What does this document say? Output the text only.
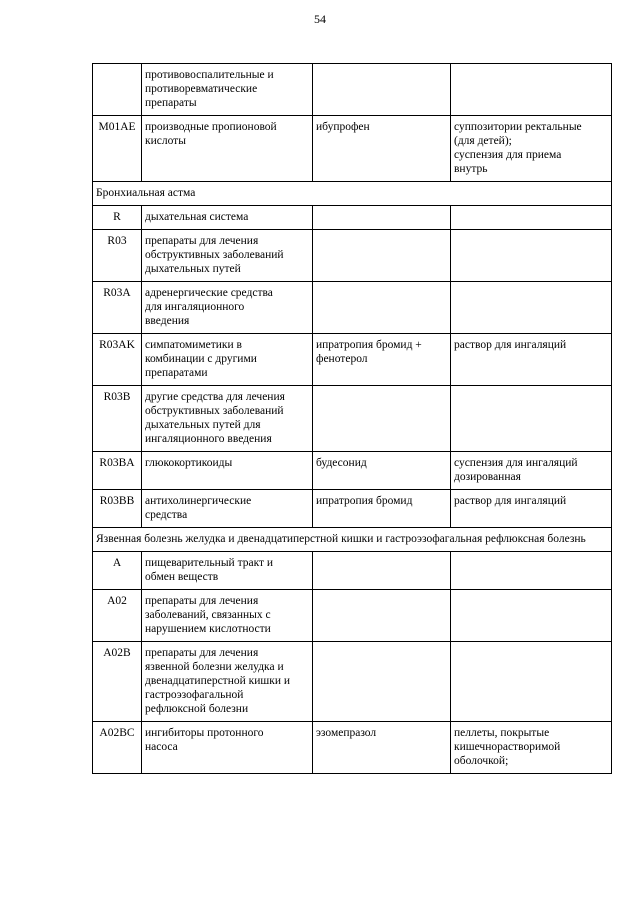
54
	противовоспалительные и
противоревматические
препараты		
M01AE	производные пропионовой
кислоты	ибупрофен	суппозитории ректальные
(для детей);
суспензия для приема
внутрь
Бронхиальная астма			
R	дыхательная система		
R03	препараты для лечения
обструктивных заболеваний
дыхательных путей		
R03A	адренергические средства
для ингаляционного
введения		
R03AK	симпатомиметики в
комбинации с другими
препаратами	ипратропия бромид +
фенотерол	раствор для ингаляций
R03B	другие средства для лечения
обструктивных заболеваний
дыхательных путей для
ингаляционного введения		
R03BA	глюкокортикоиды	будесонид	суспензия для ингаляций
дозированная
R03BB	антихолинергические
средства	ипратропия бромид	раствор для ингаляций
Язвенная болезнь желудка и двенадцатиперстной кишки и гастроэзофагальная рефлюксная болезнь			
A	пищеварительный тракт и
обмен веществ		
A02	препараты для лечения
заболеваний, связанных с
нарушением кислотности		
A02B	препараты для лечения
язвенной болезни желудка и
двенадцатиперстной кишки и
гастроэзофагальной
рефлюксной болезни		
A02BC	ингибиторы протонного
насоса	эзомепразол	пеллеты, покрытые
кишечнорастворимой
оболочкой;
